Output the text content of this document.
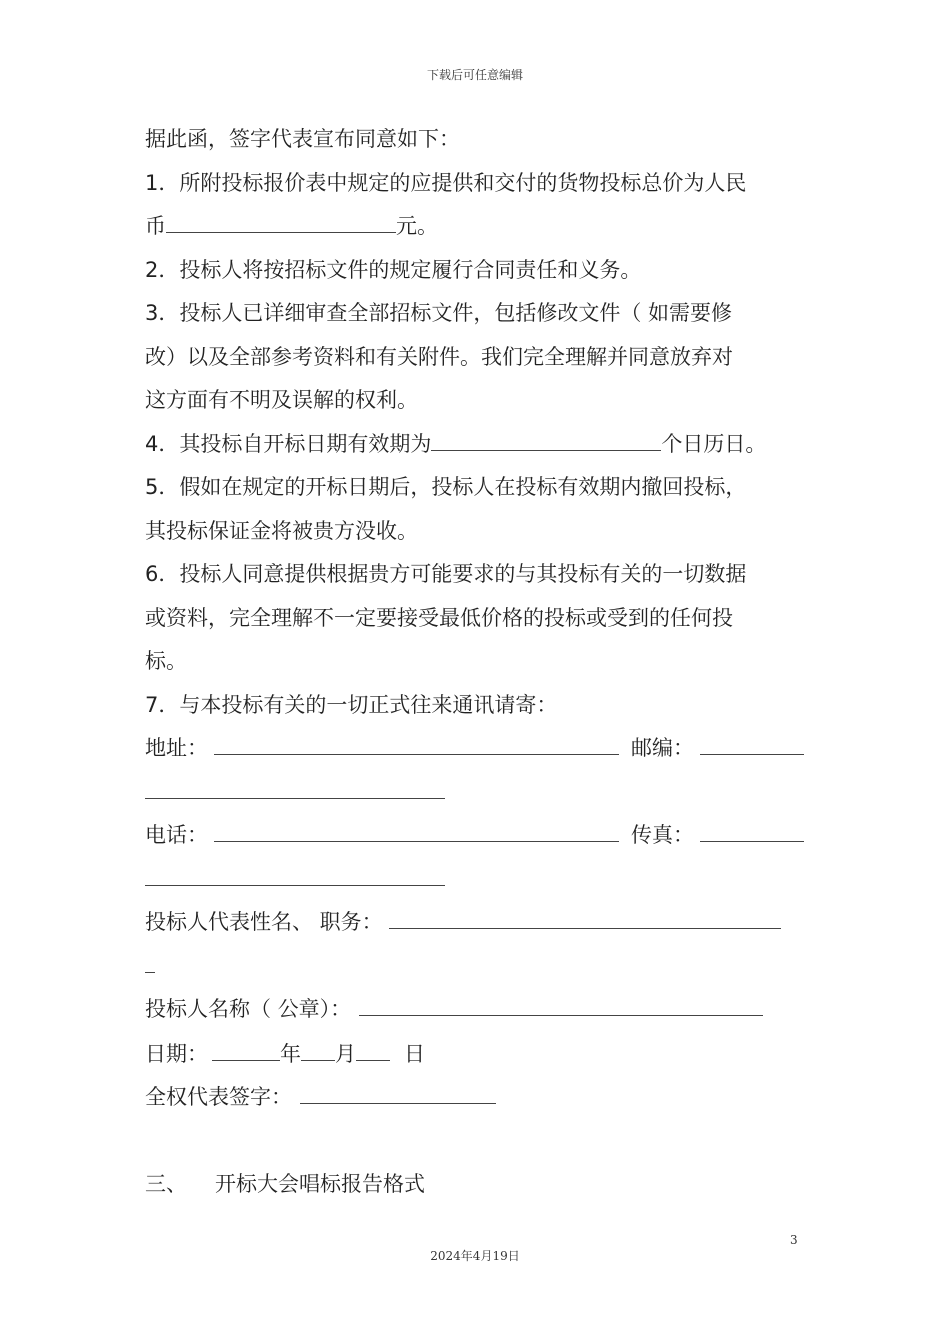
下载后可任意编辑

据此函，签字代表宣布同意如下：

1．所附投标报价表中规定的应提供和交付的货物投标总价为人民

币	元。

2．投标人将按招标文件的规定履行合同责任和义务。

3．投标人已详细审查全部招标文件，包括修改文件（ 如需要修

改）以及全部参考资料和有关附件。我们完全理解并同意放弃对

这方面有不明及误解的权利。

4．其投标自开标日期有效期为	个日历日。

5．假如在规定的开标日期后，投标人在投标有效期内撤回投标，

其投标保证金将被贵方没收。

6．投标人同意提供根据贵方可能要求的与其投标有关的一切数据

或资料，完全理解不一定要接受最低价格的投标或受到的任何投

标。

7．与本投标有关的一切正式往来通讯请寄：

地址：	邮编：

电话：	传真：

投标人代表性名、 职务：

投标人名称（ 公章）：

日期：	年 月 日

全权代表签字：

三、 开标大会唱标报告格式

3
2024年4月19日
